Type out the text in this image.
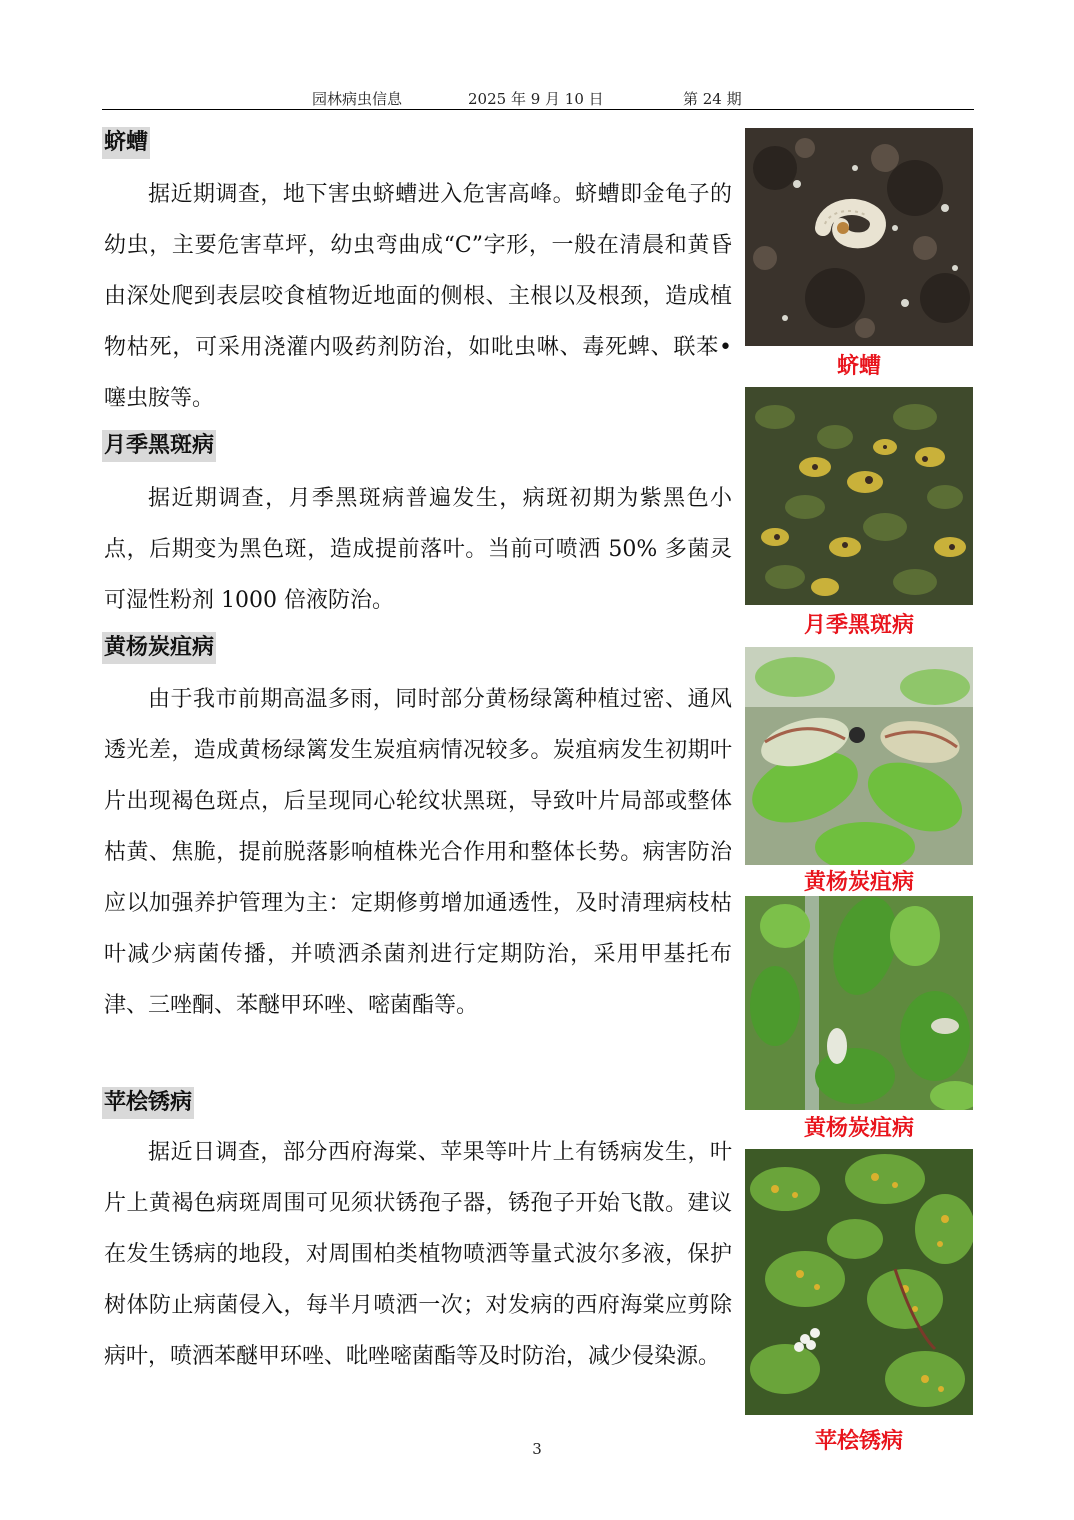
园林病虫信息	2025 年 9 月 10 日	第 24 期
蛴螬

据近期调查，地下害虫蛴螬进入危害高峰。蛴螬即金龟子的幼虫，主要危害草坪，幼虫弯曲成“C”字形，一般在清晨和黄昏由深处爬到表层咬食植物近地面的侧根、主根以及根颈，造成植物枯死，可采用浇灌内吸药剂防治，如吡虫啉、毒死蜱、联苯•噻虫胺等。

月季黑斑病

据近期调查，月季黑斑病普遍发生，病斑初期为紫黑色小点，后期变为黑色斑，造成提前落叶。当前可喷洒 50% 多菌灵可湿性粉剂 1000 倍液防治。

黄杨炭疽病

由于我市前期高温多雨，同时部分黄杨绿篱种植过密、通风透光差，造成黄杨绿篱发生炭疽病情况较多。炭疽病发生初期叶片出现褐色斑点，后呈现同心轮纹状黑斑，导致叶片局部或整体枯黄、焦脆，提前脱落影响植株光合作用和整体长势。病害防治应以加强养护管理为主：定期修剪增加通透性，及时清理病枝枯叶减少病菌传播，并喷洒杀菌剂进行定期防治，采用甲基托布津、三唑酮、苯醚甲环唑、嘧菌酯等。

苹桧锈病

据近日调查，部分西府海棠、苹果等叶片上有锈病发生，叶片上黄褐色病斑周围可见须状锈孢子器，锈孢子开始飞散。建议在发生锈病的地段，对周围柏类植物喷洒等量式波尔多液，保护树体防止病菌侵入，每半月喷洒一次；对发病的西府海棠应剪除病叶，喷洒苯醚甲环唑、吡唑嘧菌酯等及时防治，减少侵染源。

蛴螬
月季黑斑病
黄杨炭疽病
黄杨炭疽病
苹桧锈病
3
